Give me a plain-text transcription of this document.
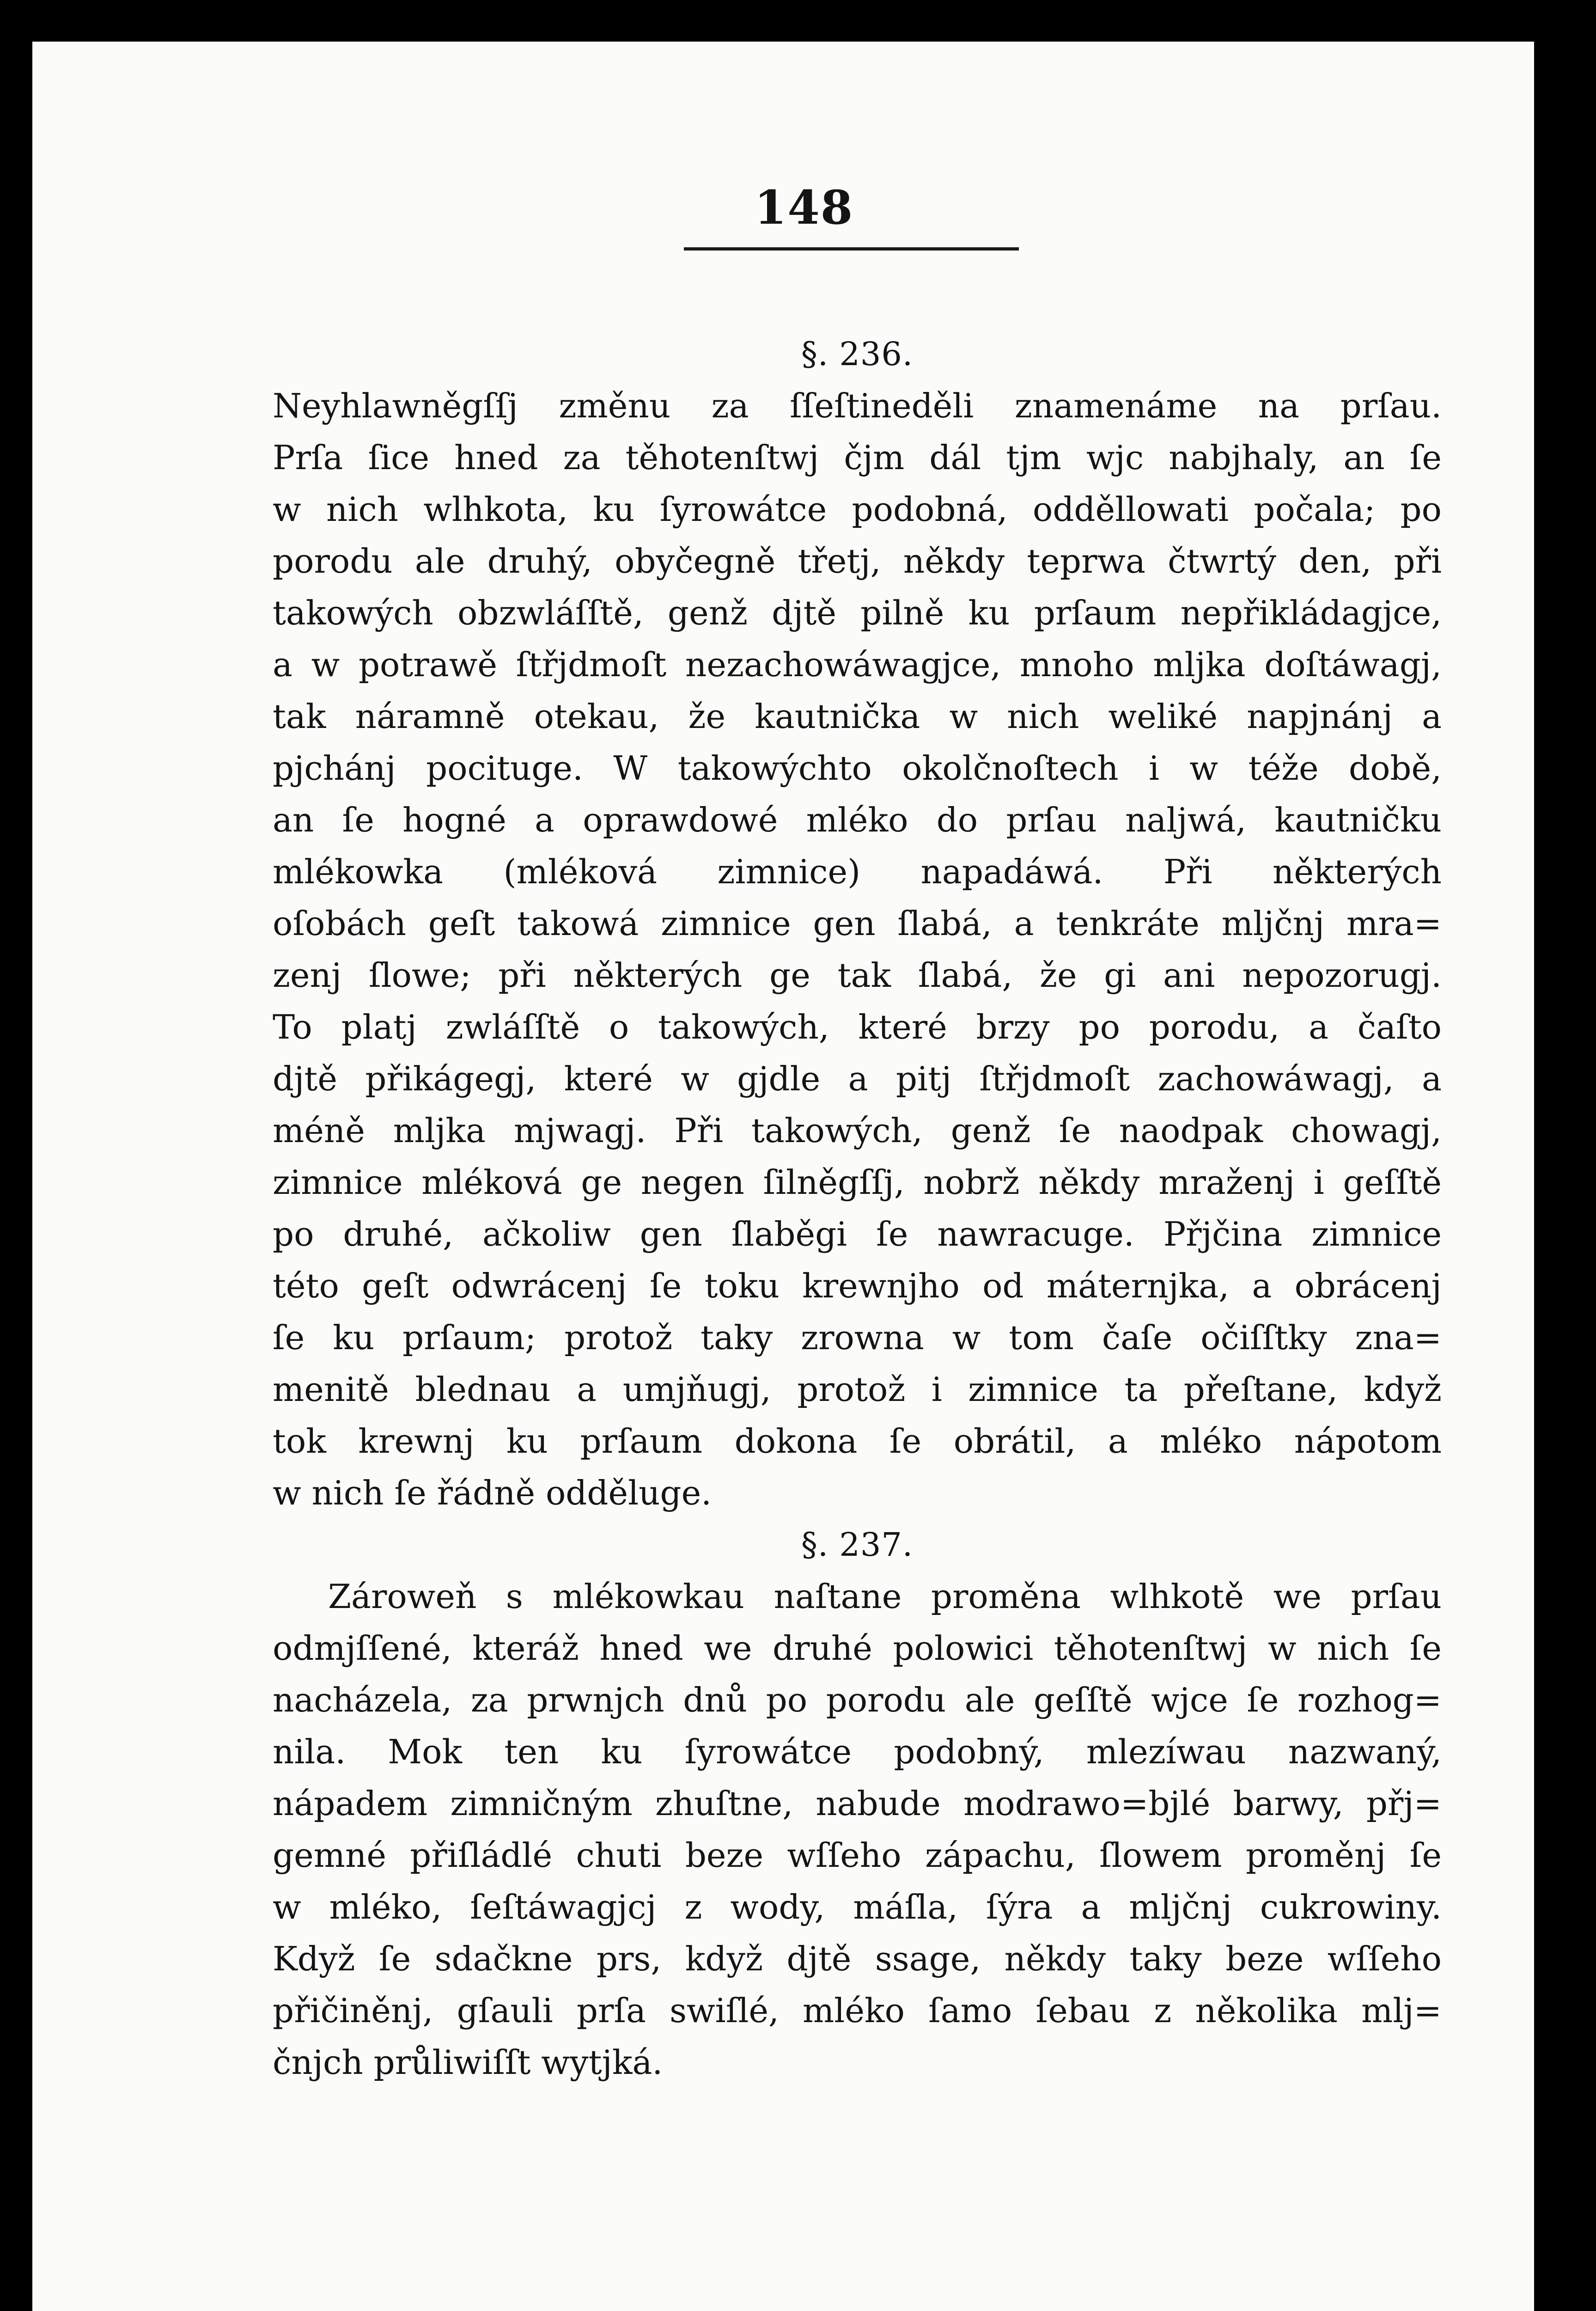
148
§. 236.
Neyhlawněgſſj změnu za ſſeſtineděli znamenáme na prſau.
Prſa ſice hned za těhotenſtwj čjm dál tjm wjc nabjhaly, an ſe
w nich wlhkota, ku ſyrowátce podobná, odděllowati počala; po
porodu ale druhý, obyčegně třetj, někdy teprwa čtwrtý den, při
takowých obzwláſſtě, genž djtě pilně ku prſaum nepřikládagjce,
a w potrawě ſtřjdmoſt nezachowáwagjce, mnoho mljka doſtáwagj,
tak náramně otekau, že kautnička w nich weliké napjnánj a
pjchánj pocituge. W takowýchto okolčnoſtech i w téže době,
an ſe hogné a oprawdowé mléko do prſau naljwá, kautničku
mlékowka (mléková zimnice) napadáwá. Při některých
oſobách geſt takowá zimnice gen ſlabá, a tenkráte mljčnj mra=
zenj ſlowe; při některých ge tak ſlabá, že gi ani nepozorugj.
To platj zwláſſtě o takowých, které brzy po porodu, a čaſto
djtě přikágegj, které w gjdle a pitj ſtřjdmoſt zachowáwagj, a
méně mljka mjwagj. Při takowých, genž ſe naodpak chowagj,
zimnice mléková ge negen ſilněgſſj, nobrž někdy mraženj i geſſtě
po druhé, ačkoliw gen ſlaběgi ſe nawracuge. Přjčina zimnice
této geſt odwrácenj ſe toku krewnjho od máternjka, a obrácenj
ſe ku prſaum; protož taky zrowna w tom čaſe očiſſtky zna=
menitě blednau a umjňugj, protož i zimnice ta přeſtane, když
tok krewnj ku prſaum dokona ſe obrátil, a mléko nápotom
w nich ſe řádně odděluge.
§. 237.
Zároweň s mlékowkau naſtane proměna wlhkotě we prſau
odmjſſené, kteráž hned we druhé polowici těhotenſtwj w nich ſe
nacházela, za prwnjch dnů po porodu ale geſſtě wjce ſe rozhog=
nila. Mok ten ku ſyrowátce podobný, mlezíwau nazwaný,
nápadem zimničným zhuſtne, nabude modrawo=bjlé barwy, přj=
gemné přiſládlé chuti beze wſſeho zápachu, ſlowem proměnj ſe
w mléko, ſeſtáwagjcj z wody, máſla, ſýra a mljčnj cukrowiny.
Když ſe sdačkne prs, když djtě ssage, někdy taky beze wſſeho
přičiněnj, gſauli prſa swiſlé, mléko ſamo ſebau z několika mlj=
čnjch průliwiſſt wytjká.
